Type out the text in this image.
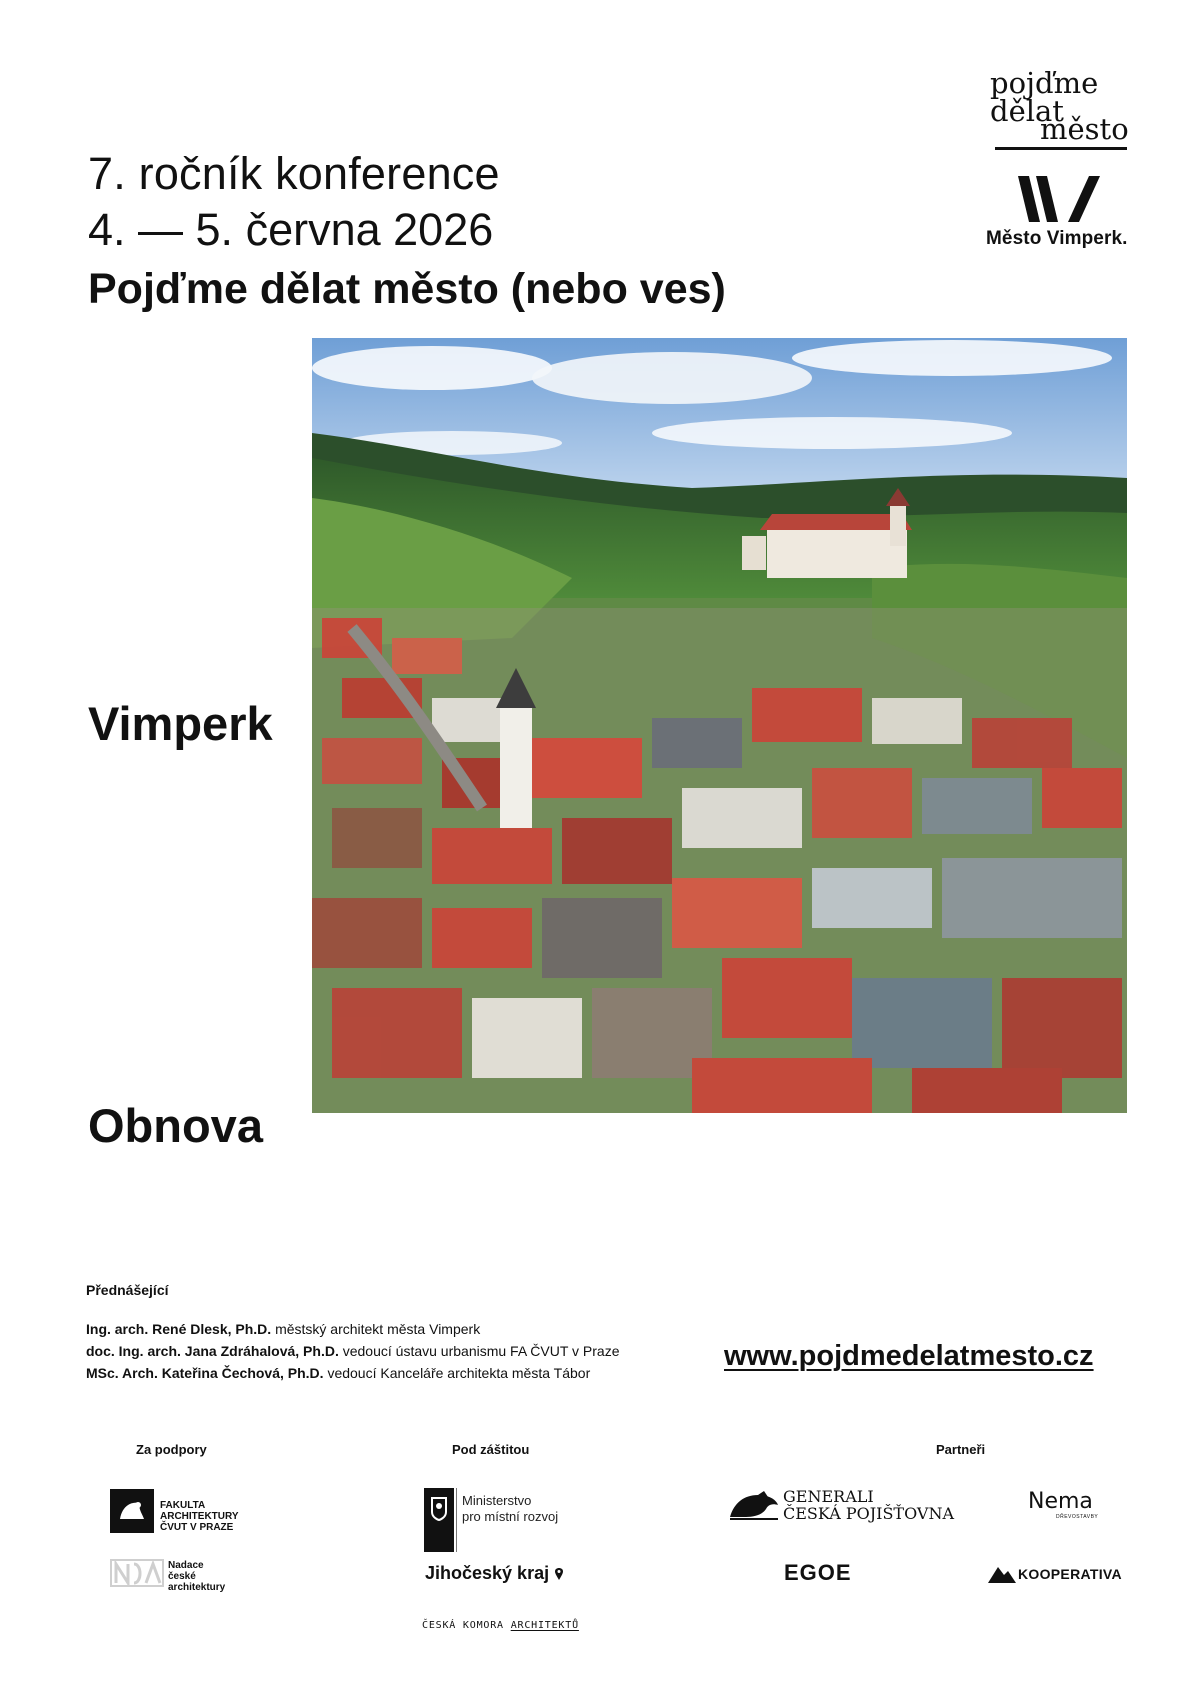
7. ročník konference
4. — 5. června 2026
Pojďme dělat město (nebo ves)
pojďme
dělat
město
Město Vimperk.
Vimperk
Obnova
Přednášející
Ing. arch. René Dlesk, Ph.D. městský architekt města Vimperk
doc. Ing. arch. Jana Zdráhalová, Ph.D. vedoucí ústavu urbanismu FA ČVUT v Praze
MSc. Arch. Kateřina Čechová, Ph.D. vedoucí Kanceláře architekta města Tábor
www.pojdmedelatmesto.cz
Za podpory	Pod záštitou	Partneři
FAKULTA
ARCHITEKTURY
ČVUT V PRAZE
Nadace
české
architektury
Ministerstvo
pro místní rozvoj
Jihočeský kraj
ČESKÁ KOMORA ARCHITEKTŮ
GENERALI
ČESKÁ POJIŠŤOVNA	Nema
DŘEVOSTAVBY
EGOE	KOOPERATIVA
